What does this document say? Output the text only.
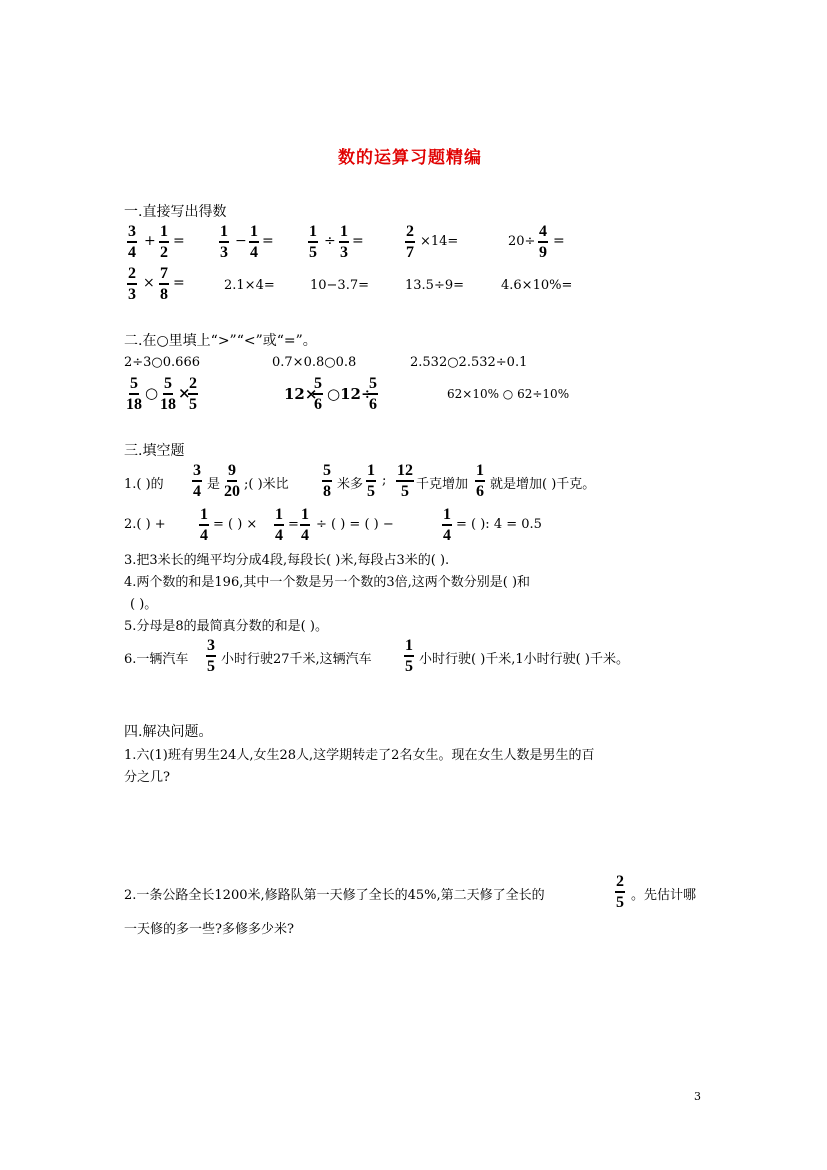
数的运算习题精编
一.直接写出得数
$\frac{3}{4} + \frac{1}{2} = \frac{1}{3} - \frac{1}{4} = \frac{1}{5} \div \frac{1}{3}$ =	$\frac{2}{7} \times 14=$	$20\div \frac{4}{9}$ =
$\frac{2}{3} \times \frac{7}{8}$ =	2.1×4=	10−3.7=	13.5÷9=	4.6×10%=
二.在○里填上“>”“<”或“=”。
2÷3○0.666	0.7×0.8○0.8	2.532○2.532÷0.1
$\frac{5}{18}$ ○ $\frac{5}{18}$ ×
$\frac{2}{5}$	12×
$\frac{5}{6}$ ○12÷
$\frac{5}{6}$	62×10% ○ 62÷10%
三.填空题
1.( )的 $\frac{3}{4}$ 是 $\frac{9}{20}$ ;( )米比 $\frac{5}{8}$ 米多 $\frac{1}{5}$ ; $\frac{12}{5}$ 千克增加 $\frac{1}{6}$ 就是增加( )千克。
2.( ) + $\frac{1}{4}$ = ( ) × $\frac{1}{4} = \frac{1}{4}$ ÷ ( ) = ( ) −	$\frac{1}{4}$ = ( ): 4 = 0.5
3.把3米长的绳平均分成4段,每段长( )米,每段占3米的( ).
4.两个数的和是196,其中一个数是另一个数的3倍,这两个数分别是( )和
( )。
5.分母是8的最简真分数的和是( )。
6.一辆汽车 $\frac{3}{5}$ 小时行驶27千米,这辆汽车 $\frac{1}{5}$ 小时行驶( )千米,1小时行驶( )千米。
四.解决问题。
1.六(1)班有男生24人,女生28人,这学期转走了2名女生。现在女生人数是男生的百
分之几?
2.一条公路全长1200米,修路队第一天修了全长的45%,第二天修了全长的	$\frac{2}{5}$ 。先估计哪
一天修的多一些?多修多少米?
3
